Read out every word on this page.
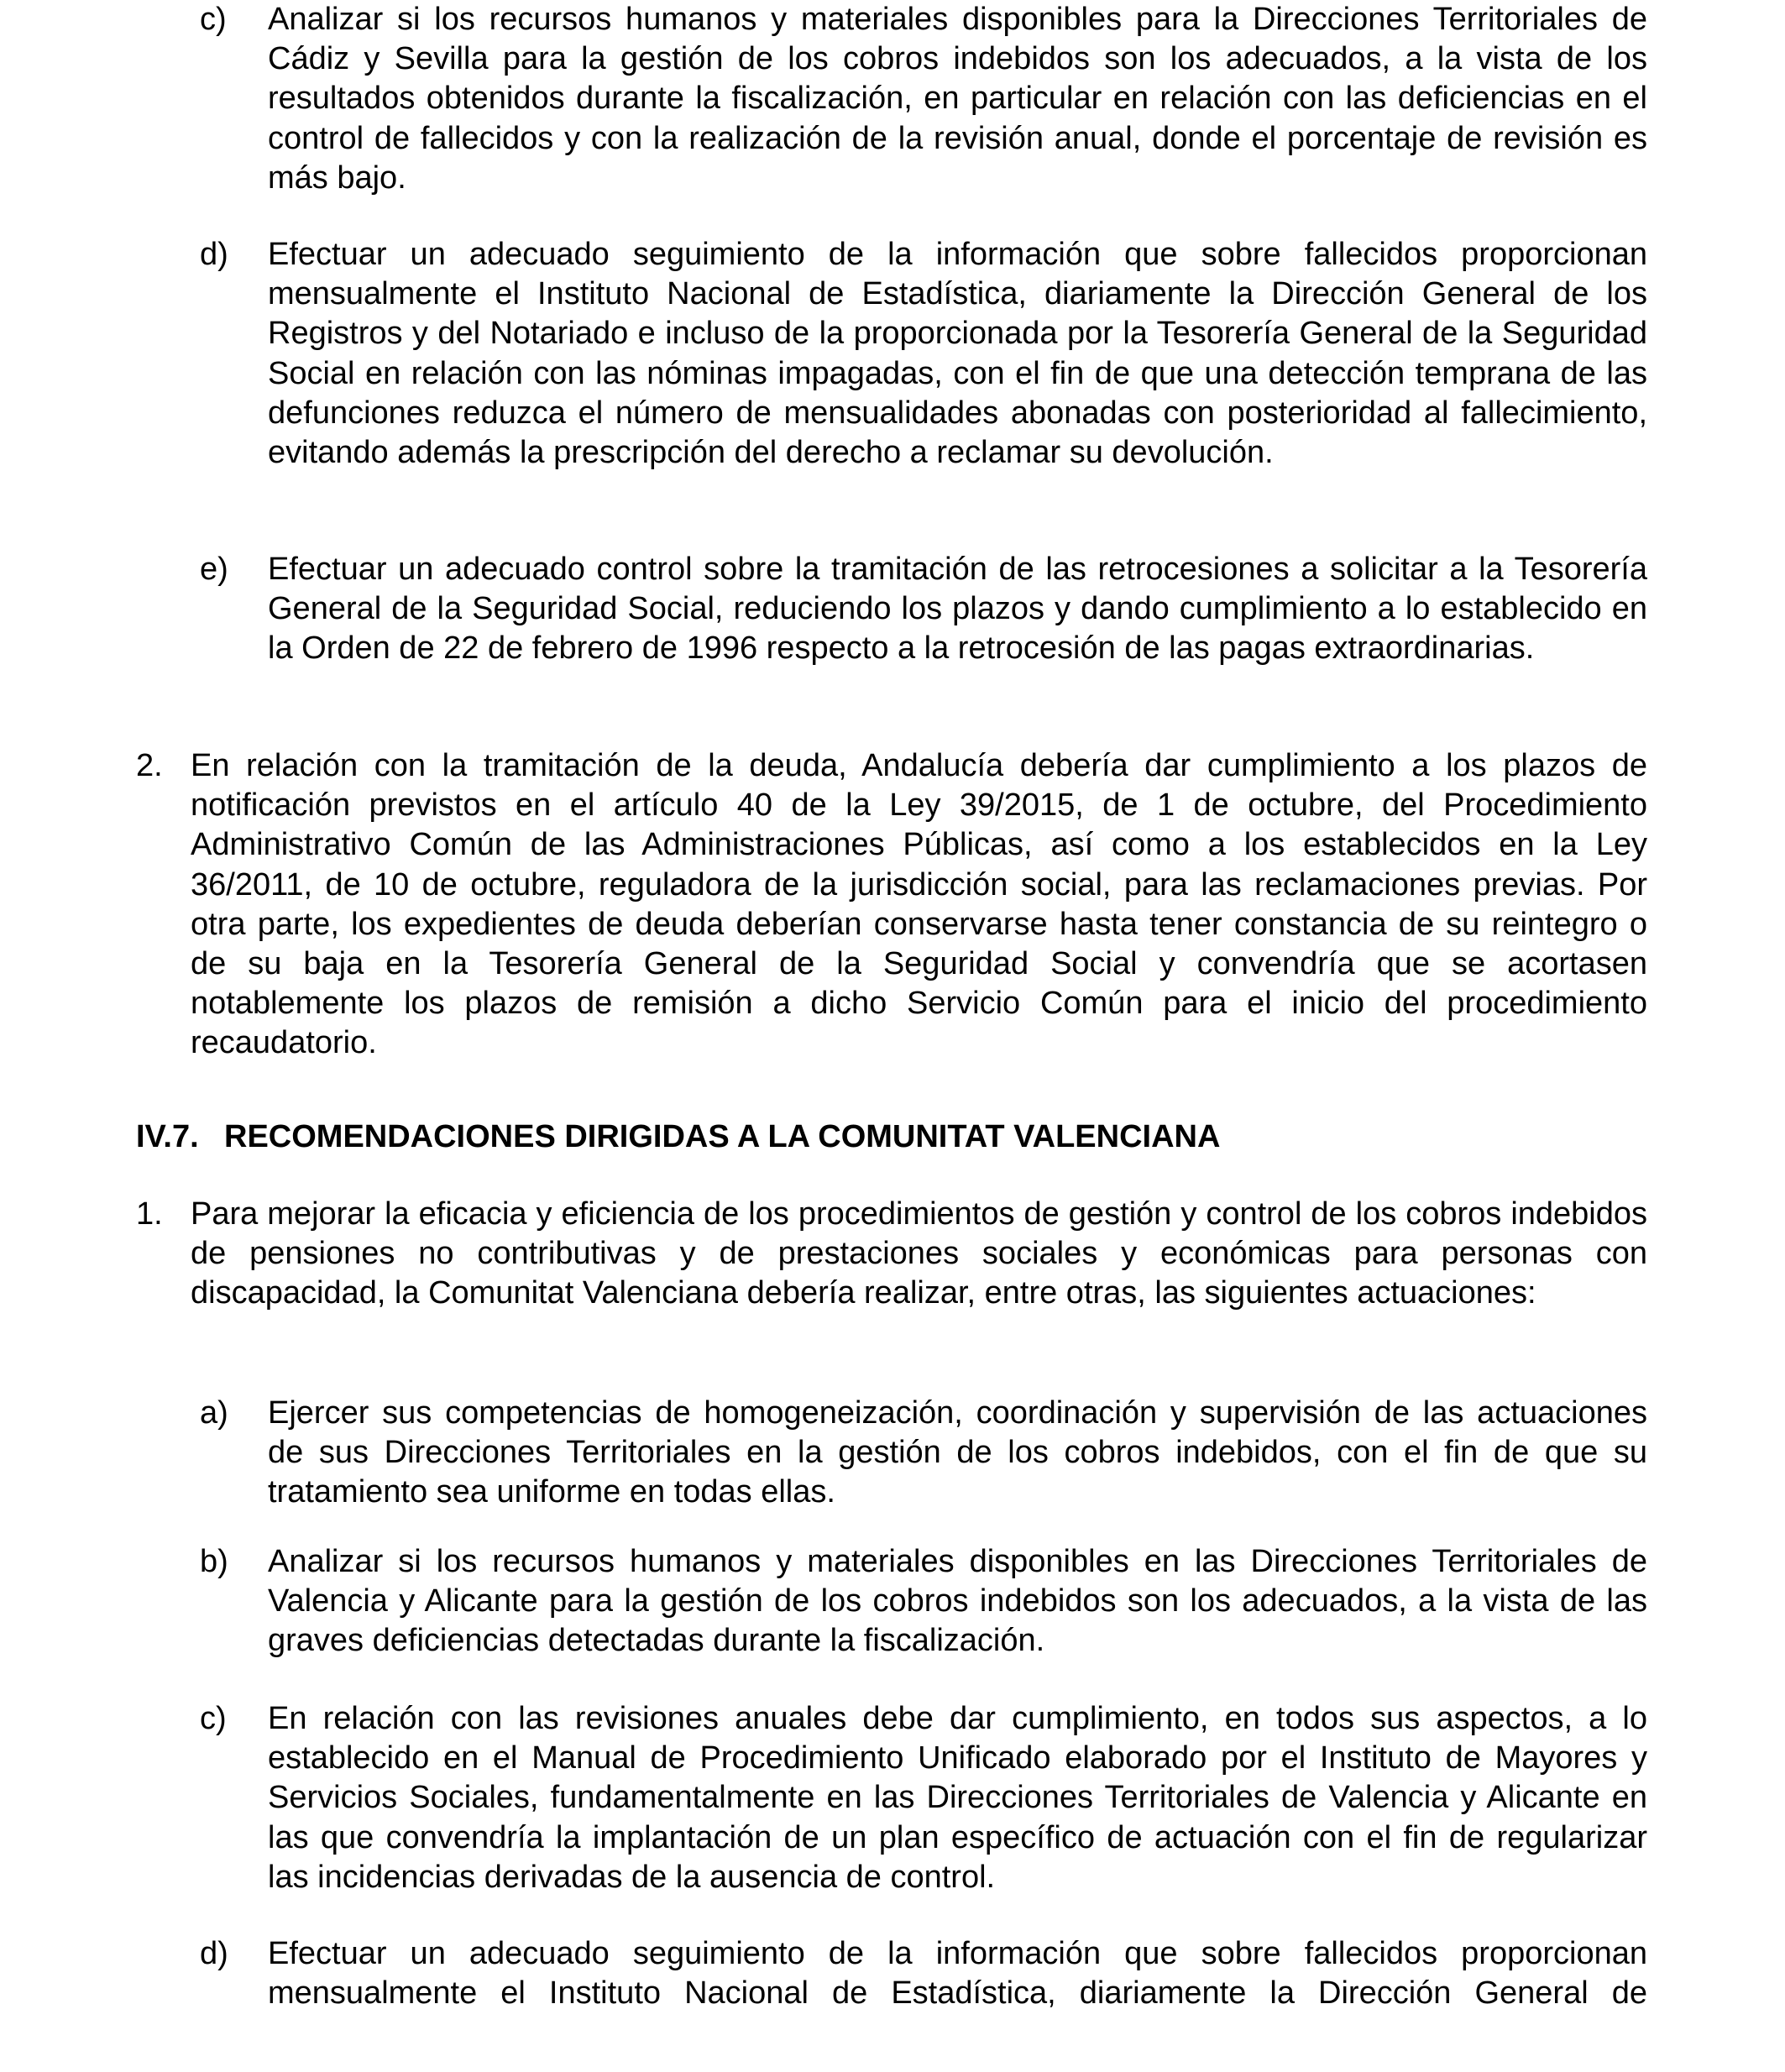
c) Analizar si los recursos humanos y materiales disponibles para la Direcciones Territoriales de Cádiz y Sevilla para la gestión de los cobros indebidos son los adecuados, a la vista de los resultados obtenidos durante la fiscalización, en particular en relación con las deficiencias en el control de fallecidos y con la realización de la revisión anual, donde el porcentaje de revisión es más bajo.

d) Efectuar un adecuado seguimiento de la información que sobre fallecidos proporcionan mensualmente el Instituto Nacional de Estadística, diariamente la Dirección General de los Registros y del Notariado e incluso de la proporcionada por la Tesorería General de la Seguridad Social en relación con las nóminas impagadas, con el fin de que una detección temprana de las defunciones reduzca el número de mensualidades abonadas con posterioridad al fallecimiento, evitando además la prescripción del derecho a reclamar su devolución.

e) Efectuar un adecuado control sobre la tramitación de las retrocesiones a solicitar a la Tesorería General de la Seguridad Social, reduciendo los plazos y dando cumplimiento a lo establecido en la Orden de 22 de febrero de 1996 respecto a la retrocesión de las pagas extraordinarias.

2. En relación con la tramitación de la deuda, Andalucía debería dar cumplimiento a los plazos de notificación previstos en el artículo 40 de la Ley 39/2015, de 1 de octubre, del Procedimiento Administrativo Común de las Administraciones Públicas, así como a los establecidos en la Ley 36/2011, de 10 de octubre, reguladora de la jurisdicción social, para las reclamaciones previas. Por otra parte, los expedientes de deuda deberían conservarse hasta tener constancia de su reintegro o de su baja en la Tesorería General de la Seguridad Social y convendría que se acortasen notablemente los plazos de remisión a dicho Servicio Común para el inicio del procedimiento recaudatorio.

IV.7. RECOMENDACIONES DIRIGIDAS A LA COMUNITAT VALENCIANA
1. Para mejorar la eficacia y eficiencia de los procedimientos de gestión y control de los cobros indebidos de pensiones no contributivas y de prestaciones sociales y económicas para personas con discapacidad, la Comunitat Valenciana debería realizar, entre otras, las siguientes actuaciones:

a) Ejercer sus competencias de homogeneización, coordinación y supervisión de las actuaciones de sus Direcciones Territoriales en la gestión de los cobros indebidos, con el fin de que su tratamiento sea uniforme en todas ellas.

b) Analizar si los recursos humanos y materiales disponibles en las Direcciones Territoriales de Valencia y Alicante para la gestión de los cobros indebidos son los adecuados, a la vista de las graves deficiencias detectadas durante la fiscalización.

c) En relación con las revisiones anuales debe dar cumplimiento, en todos sus aspectos, a lo establecido en el Manual de Procedimiento Unificado elaborado por el Instituto de Mayores y Servicios Sociales, fundamentalmente en las Direcciones Territoriales de Valencia y Alicante en las que convendría la implantación de un plan específico de actuación con el fin de regularizar las incidencias derivadas de la ausencia de control.

d) Efectuar un adecuado seguimiento de la información que sobre fallecidos proporcionan mensualmente el Instituto Nacional de Estadística, diariamente la Dirección General de
